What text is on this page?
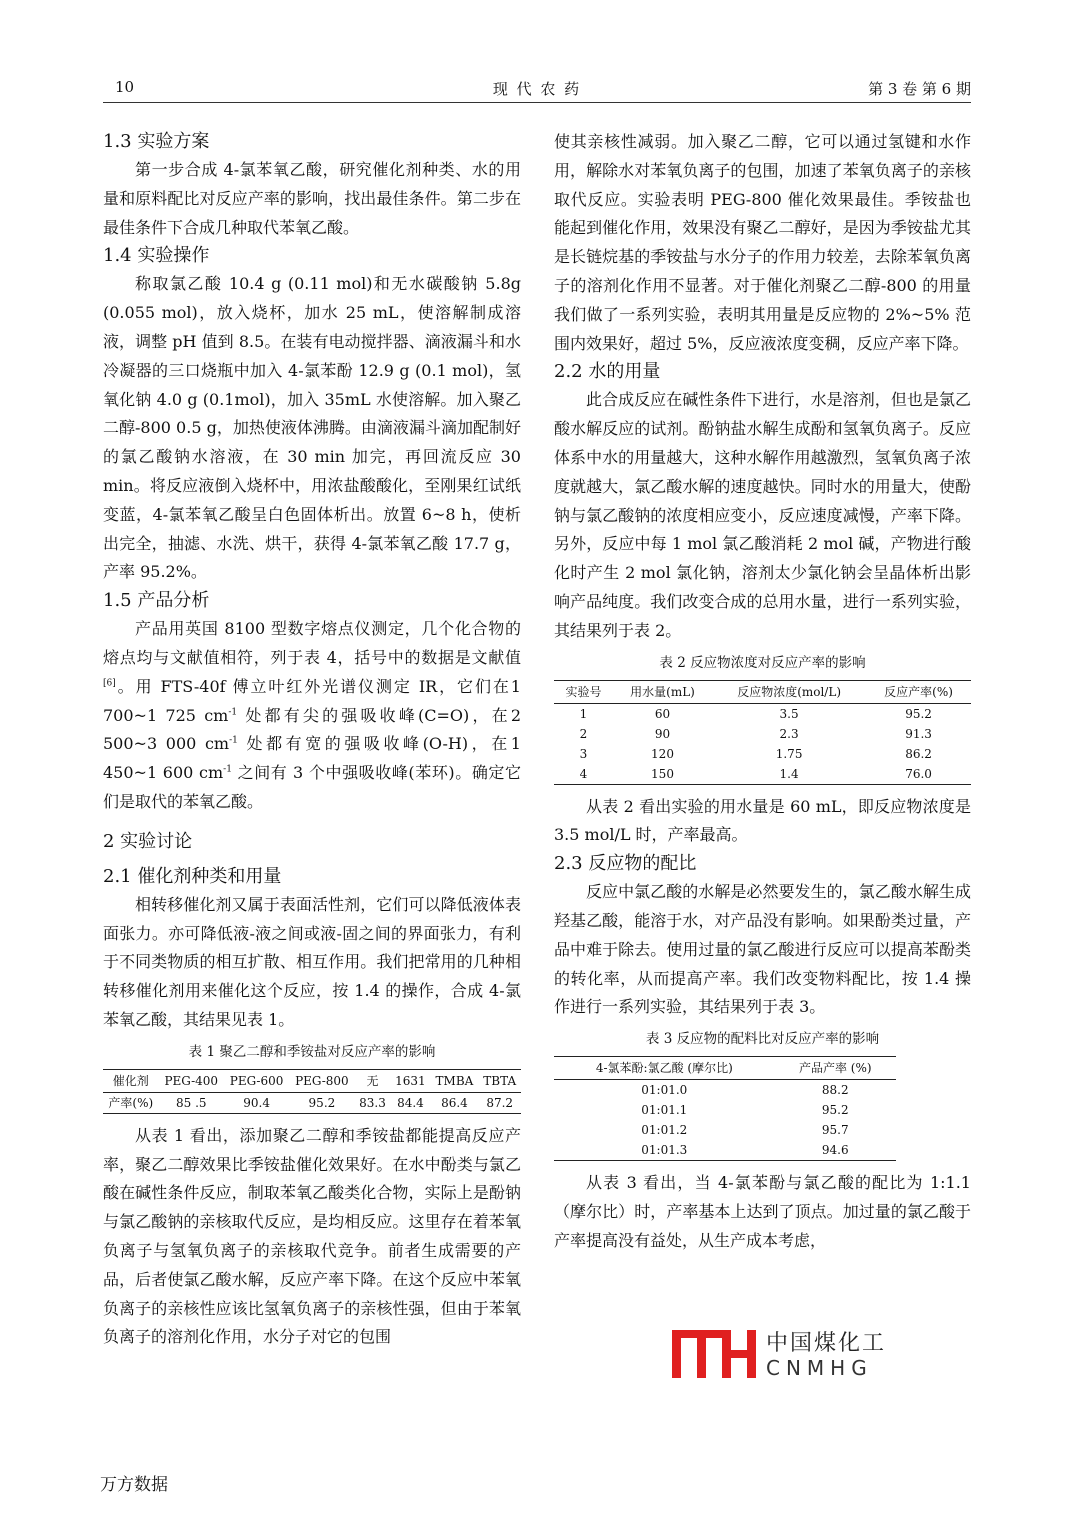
10	现 代 农 药	第 3 卷 第 6 期
1.3 实验方案

第一步合成 4-氯苯氧乙酸，研究催化剂种类、水的用量和原料配比对反应产率的影响，找出最佳条件。第二步在最佳条件下合成几种取代苯氧乙酸。

1.4 实验操作

称取氯乙酸 10.4 g (0.11 mol)和无水碳酸钠 5.8g (0.055 mol)，放入烧杯，加水 25 mL，使溶解制成溶液，调整 pH 值到 8.5。在装有电动搅拌器、滴液漏斗和水冷凝器的三口烧瓶中加入 4-氯苯酚 12.9 g (0.1 mol)，氢氧化钠 4.0 g (0.1mol)，加入 35mL 水使溶解。加入聚乙二醇-800 0.5 g，加热使液体沸腾。由滴液漏斗滴加配制好的氯乙酸钠水溶液，在 30 min 加完，再回流反应 30 min。将反应液倒入烧杯中，用浓盐酸酸化，至刚果红试纸变蓝，4-氯苯氧乙酸呈白色固体析出。放置 6~8 h，使析出完全，抽滤、水洗、烘干，获得 4-氯苯氧乙酸 17.7 g，产率 95.2%。

1.5 产品分析

产品用英国 8100 型数字熔点仪测定，几个化合物的熔点均与文献值相符，列于表 4，括号中的数据是文献值[6]。用 FTS-40f 傅立叶红外光谱仪测定 IR，它们在1 700~1 725 $cm^{-1}$ 处都有尖的强吸收峰(C=O)，在2 500~3 000 $cm^{-1}$ 处都有宽的强吸收峰(O-H)，在1 450~1 600 $cm^{-1}$ 之间有 3 个中强吸收峰(苯环)。确定它们是取代的苯氧乙酸。

2 实验讨论
2.1 催化剂种类和用量

相转移催化剂又属于表面活性剂，它们可以降低液体表面张力。亦可降低液-液之间或液-固之间的界面张力，有利于不同类物质的相互扩散、相互作用。我们把常用的几种相转移催化剂用来催化这个反应，按 1.4 的操作，合成 4-氯苯氧乙酸，其结果见表 1。

表 1 聚乙二醇和季铵盐对反应产率的影响
催化剂	PEG-400	PEG-600	PEG-800	无	1631	TMBA	TBTA
产率(%)	85 .5	90.4	95.2	83.3	84.4	86.4	87.2

从表 1 看出，添加聚乙二醇和季铵盐都能提高反应产率，聚乙二醇效果比季铵盐催化效果好。在水中酚类与氯乙酸在碱性条件反应，制取苯氧乙酸类化合物，实际上是酚钠与氯乙酸钠的亲核取代反应，是均相反应。这里存在着苯氧负离子与氢氧负离子的亲核取代竞争。前者生成需要的产品，后者使氯乙酸水解，反应产率下降。在这个反应中苯氧负离子的亲核性应该比氢氧负离子的亲核性强，但由于苯氧负离子的溶剂化作用，水分子对它的包围

使其亲核性减弱。加入聚乙二醇，它可以通过氢键和水作用，解除水对苯氧负离子的包围，加速了苯氧负离子的亲核取代反应。实验表明 PEG-800 催化效果最佳。季铵盐也能起到催化作用，效果没有聚乙二醇好，是因为季铵盐尤其是长链烷基的季铵盐与水分子的作用力较差，去除苯氧负离子的溶剂化作用不显著。对于催化剂聚乙二醇-800 的用量我们做了一系列实验，表明其用量是反应物的 2%~5% 范围内效果好，超过 5%，反应液浓度变稠，反应产率下降。

2.2 水的用量

此合成反应在碱性条件下进行，水是溶剂，但也是氯乙酸水解反应的试剂。酚钠盐水解生成酚和氢氧负离子。反应体系中水的用量越大，这种水解作用越激烈，氢氧负离子浓度就越大，氯乙酸水解的速度越快。同时水的用量大，使酚钠与氯乙酸钠的浓度相应变小，反应速度减慢，产率下降。另外，反应中每 1 mol 氯乙酸消耗 2 mol 碱，产物进行酸化时产生 2 mol 氯化钠，溶剂太少氯化钠会呈晶体析出影响产品纯度。我们改变合成的总用水量，进行一系列实验，其结果列于表 2。

表 2 反应物浓度对反应产率的影响
实验号	用水量(mL)	反应物浓度(mol/L)	反应产率(%)
1	60	3.5	95.2
2	90	2.3	91.3
3	120	1.75	86.2
4	150	1.4	76.0

从表 2 看出实验的用水量是 60 mL，即反应物浓度是 3.5 mol/L 时，产率最高。

2.3 反应物的配比

反应中氯乙酸的水解是必然要发生的，氯乙酸水解生成羟基乙酸，能溶于水，对产品没有影响。如果酚类过量，产品中难于除去。使用过量的氯乙酸进行反应可以提高苯酚类的转化率，从而提高产率。我们改变物料配比，按 1.4 操作进行一系列实验，其结果列于表 3。

表 3 反应物的配料比对反应产率的影响
4-氯苯酚:氯乙酸 (摩尔比)	产品产率 (%)
01:01.0	88.2
01:01.1	95.2
01:01.2	95.7
01:01.3	94.6

从表 3 看出，当 4-氯苯酚与氯乙酸的配比为 1:1.1（摩尔比）时，产率基本上达到了顶点。加过量的氯乙酸于产率提高没有益处，从生产成本考虑，

中国煤化工
CNMHG
万方数据
